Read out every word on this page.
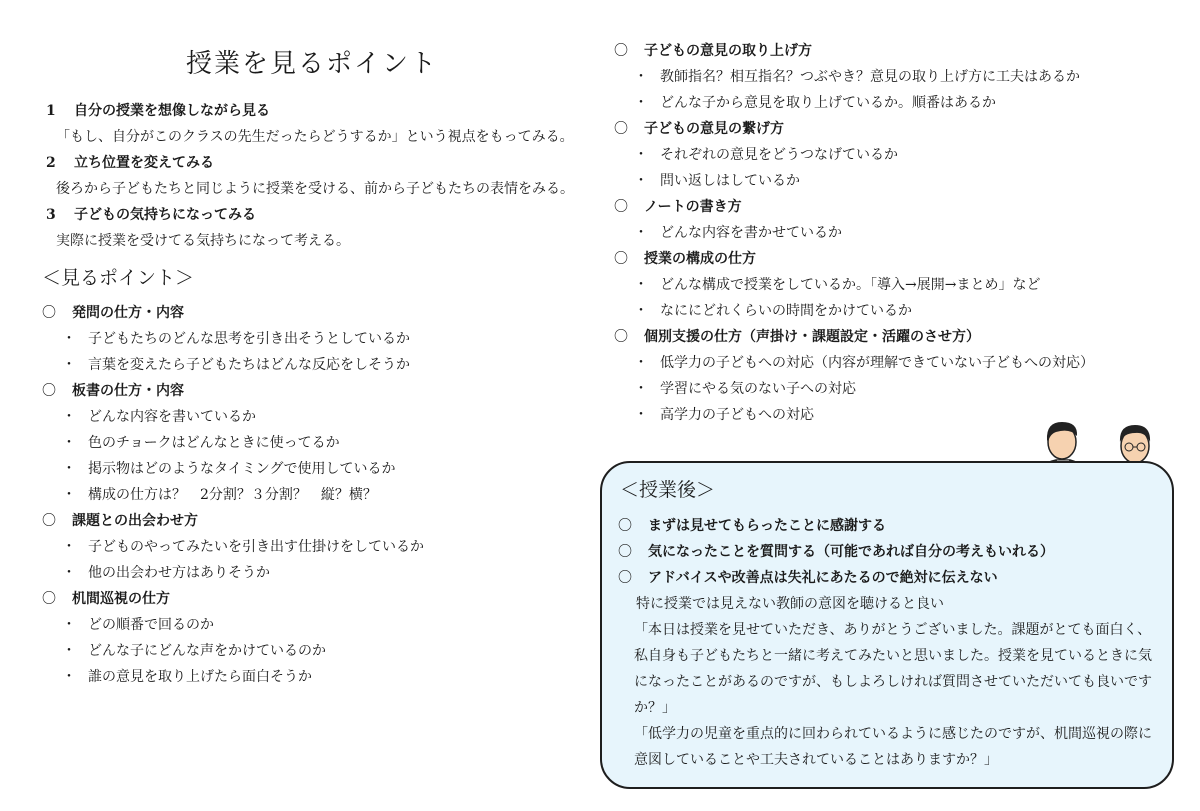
授業を見るポイント
1 自分の授業を想像しながら見る
「もし、自分がこのクラスの先生だったらどうするか」という視点をもってみる。
2 立ち位置を変えてみる
後ろから子どもたちと同じように授業を受ける、前から子どもたちの表情をみる。
3 子どもの気持ちになってみる
実際に授業を受けてる気持ちになって考える。
＜見るポイント＞
〇 発問の仕方・内容
・ 子どもたちのどんな思考を引き出そうとしているか
・ 言葉を変えたら子どもたちはどんな反応をしそうか
〇 板書の仕方・内容
・ どんな内容を書いているか
・ 色のチョークはどんなときに使ってるか
・ 掲示物はどのようなタイミングで使用しているか
・ 構成の仕方は？　2分割？３分割？　縦？横？
〇 課題との出会わせ方
・ 子どものやってみたいを引き出す仕掛けをしているか
・ 他の出会わせ方はありそうか
〇 机間巡視の仕方
・ どの順番で回るのか
・ どんな子にどんな声をかけているのか
・ 誰の意見を取り上げたら面白そうか
〇 子どもの意見の取り上げ方
・ 教師指名？相互指名？つぶやき？意見の取り上げ方に工夫はあるか
・ どんな子から意見を取り上げているか。順番はあるか
〇 子どもの意見の繋げ方
・ それぞれの意見をどうつなげているか
・ 問い返しはしているか
〇 ノートの書き方
・ どんな内容を書かせているか
〇 授業の構成の仕方
・ どんな構成で授業をしているか。「導入→展開→まとめ」など
・ なににどれくらいの時間をかけているか
〇 個別支援の仕方（声掛け・課題設定・活躍のさせ方）
・ 低学力の子どもへの対応（内容が理解できていない子どもへの対応）
・ 学習にやる気のない子への対応
・ 高学力の子どもへの対応
＜授業後＞
〇 まずは見せてもらったことに感謝する
〇 気になったことを質問する（可能であれば自分の考えもいれる）
〇 アドバイスや改善点は失礼にあたるので絶対に伝えない
特に授業では見えない教師の意図を聴けると良い
「本日は授業を見せていただき、ありがとうございました。課題がとても面白く、私自身も子どもたちと一緒に考えてみたいと思いました。授業を見ているときに気になったことがあるのですが、もしよろしければ質問させていただいても良いですか？」
「低学力の児童を重点的に回わられているように感じたのですが、机間巡視の際に意図していることや工夫されていることはありますか？」
